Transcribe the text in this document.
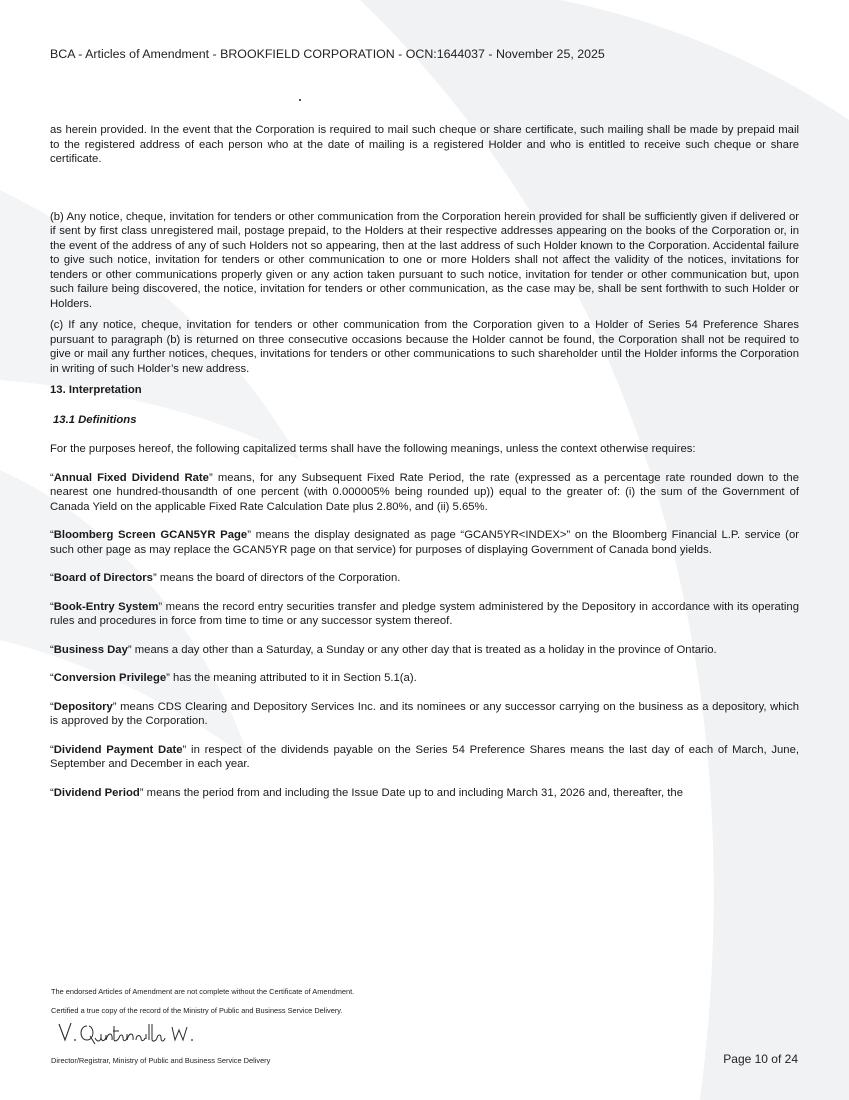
BCA - Articles of Amendment - BROOKFIELD CORPORATION - OCN:1644037 - November 25, 2025

as herein provided. In the event that the Corporation is required to mail such cheque or share certificate, such mailing shall be made by prepaid mail to the registered address of each person who at the date of mailing is a registered Holder and who is entitled to receive such cheque or share certificate.

(b) Any notice, cheque, invitation for tenders or other communication from the Corporation herein provided for shall be sufficiently given if delivered or if sent by first class unregistered mail, postage prepaid, to the Holders at their respective addresses appearing on the books of the Corporation or, in the event of the address of any of such Holders not so appearing, then at the last address of such Holder known to the Corporation. Accidental failure to give such notice, invitation for tenders or other communication to one or more Holders shall not affect the validity of the notices, invitations for tenders or other communications properly given or any action taken pursuant to such notice, invitation for tender or other communication but, upon such failure being discovered, the notice, invitation for tenders or other communication, as the case may be, shall be sent forthwith to such Holder or Holders.

(c) If any notice, cheque, invitation for tenders or other communication from the Corporation given to a Holder of Series 54 Preference Shares pursuant to paragraph (b) is returned on three consecutive occasions because the Holder cannot be found, the Corporation shall not be required to give or mail any further notices, cheques, invitations for tenders or other communications to such shareholder until the Holder informs the Corporation in writing of such Holder’s new address.

13. Interpretation

13.1 Definitions

For the purposes hereof, the following capitalized terms shall have the following meanings, unless the context otherwise requires:

“Annual Fixed Dividend Rate” means, for any Subsequent Fixed Rate Period, the rate (expressed as a percentage rate rounded down to the nearest one hundred-thousandth of one percent (with 0.000005% being rounded up)) equal to the greater of: (i) the sum of the Government of Canada Yield on the applicable Fixed Rate Calculation Date plus 2.80%, and (ii) 5.65%.

“Bloomberg Screen GCAN5YR Page” means the display designated as page “GCAN5YR<INDEX>” on the Bloomberg Financial L.P. service (or such other page as may replace the GCAN5YR page on that service) for purposes of displaying Government of Canada bond yields.

“Board of Directors” means the board of directors of the Corporation.

“Book-Entry System” means the record entry securities transfer and pledge system administered by the Depository in accordance with its operating rules and procedures in force from time to time or any successor system thereof.

“Business Day” means a day other than a Saturday, a Sunday or any other day that is treated as a holiday in the province of Ontario.

“Conversion Privilege” has the meaning attributed to it in Section 5.1(a).

“Depository” means CDS Clearing and Depository Services Inc. and its nominees or any successor carrying on the business as a depository, which is approved by the Corporation.

“Dividend Payment Date” in respect of the dividends payable on the Series 54 Preference Shares means the last day of each of March, June, September and December in each year.

“Dividend Period” means the period from and including the Issue Date up to and including March 31, 2026 and, thereafter, the

The endorsed Articles of Amendment are not complete without the Certificate of Amendment.
Certified a true copy of the record of the Ministry of Public and Business Service Delivery.
Director/Registrar, Ministry of Public and Business Service Delivery	Page 10 of 24
